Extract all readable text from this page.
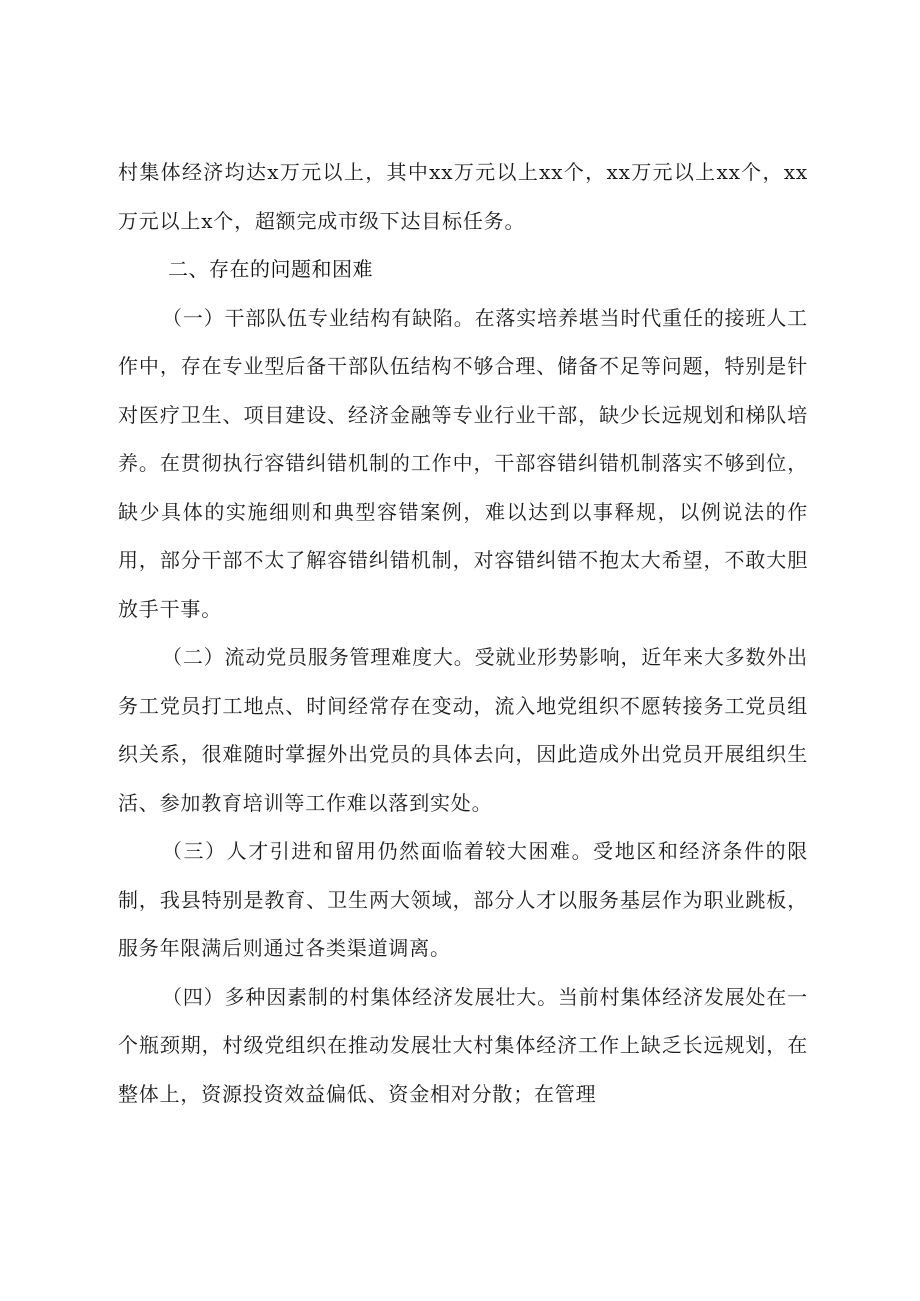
村集体经济均达x万元以上，其中xx万元以上xx个，xx万元以上xx个，xx万元以上x个，超额完成市级下达目标任务。

二、存在的问题和困难

（一）干部队伍专业结构有缺陷。在落实培养堪当时代重任的接班人工作中，存在专业型后备干部队伍结构不够合理、储备不足等问题，特别是针对医疗卫生、项目建设、经济金融等专业行业干部，缺少长远规划和梯队培养。在贯彻执行容错纠错机制的工作中，干部容错纠错机制落实不够到位，缺少具体的实施细则和典型容错案例，难以达到以事释规，以例说法的作用，部分干部不太了解容错纠错机制，对容错纠错不抱太大希望，不敢大胆放手干事。

（二）流动党员服务管理难度大。受就业形势影响，近年来大多数外出务工党员打工地点、时间经常存在变动，流入地党组织不愿转接务工党员组织关系，很难随时掌握外出党员的具体去向，因此造成外出党员开展组织生活、参加教育培训等工作难以落到实处。

（三）人才引进和留用仍然面临着较大困难。受地区和经济条件的限制，我县特别是教育、卫生两大领域，部分人才以服务基层作为职业跳板，服务年限满后则通过各类渠道调离。

（四）多种因素制的村集体经济发展壮大。当前村集体经济发展处在一个瓶颈期，村级党组织在推动发展壮大村集体经济工作上缺乏长远规划，在整体上，资源投资效益偏低、资金相对分散；在管理
